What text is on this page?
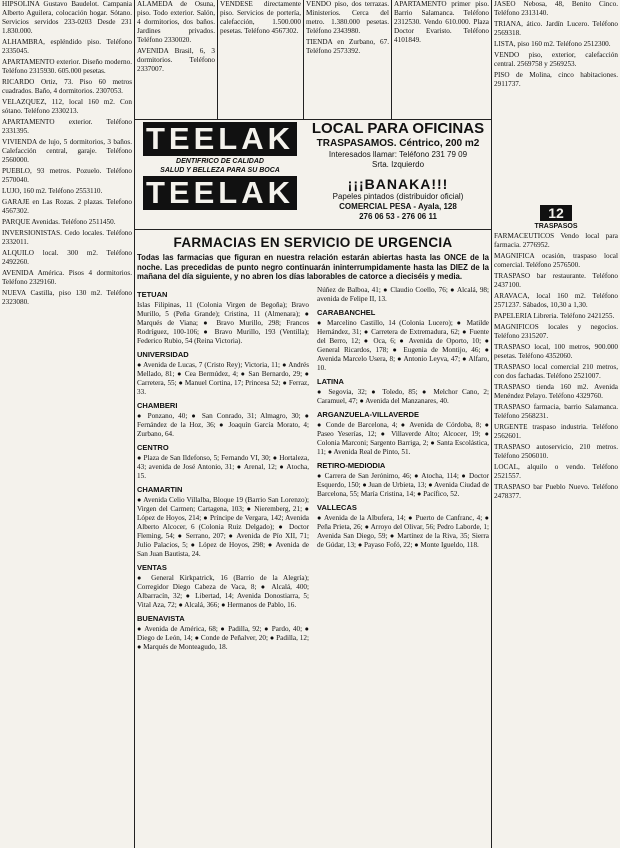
HIPSOLINA Gustavo Baudelot. Campania Alberto Aguilera, colocación hogar. Sótano. Servicios servidos 233-0203 Desde 231 1.830.000.

ALHAMBRA, espléndido piso. Teléfono 2335045.

APARTAMENTO exterior. Diseño moderno. Teléfono 2315930. 605.000 pesetas.

RICARDO Ortiz, 73. Piso 60 metros cuadrados. Baño, 4 dormitorios. 2307053.

VELAZQUEZ, 112, local 160 m2. Con sótano. Teléfono 2330213.

APARTAMENTO exterior. Teléfono 2331395.

VIVIENDA de lujo, 5 dormitorios, 3 baños. Calefacción central, garaje. Teléfono 2560000.

PUEBLO, 93 metros. Pozuelo. Teléfono 2570040.

LUJO, 160 m2. Teléfono 2553110.

GARAJE en Las Rozas. 2 plazas. Telefono 4567302.

PARQUE Avenidas. Teléfono 2511450.

INVERSIONISTAS. Cedo locales. Teléfono 2332011.

ALQUILO local. 300 m2. Teléfono 2492260.

AVENIDA América. Pisos 4 dormitorios. Teléfono 2329160.

NUEVA Castilla, piso 130 m2. Teléfono 2323080.

ALAMEDA de Osuna, piso. Todo exterior. Salón, 4 dormitorios, dos baños. Jardines privados. Teléfono 2330020.

AVENIDA Brasil, 6, 3 dormitorios. Teléfono 2337007.

VENDESE directamente piso. Servicios de portería, calefacción, 1.500.000 pesetas. Teléfono 4567302.

VENDO piso, dos terrazas. Ministerios. Cerca del metro. 1.380.000 pesetas. Teléfono 2343980.

TIENDA en Zurbano, 67. Teléfono 2573392.

APARTAMENTO primer piso. Barrio Salamanca. Teléfono 2312530. Vendo 610.000. Plaza Doctor Evaristo. Teléfono 4101849.

TEELAK
DENTIFRICO DE CALIDAD
SALUD Y BELLEZA PARA SU BOCA
TEELAK
LOCAL PARA OFICINAS
TRASPASAMOS. Céntrico, 200 m2
Interesados llamar: Teléfono 231 79 09
Srta. Izquierdo
¡¡¡BANAKA!!!
Papeles pintados (distribuidor oficial)
COMERCIAL PESA - Ayala, 128
276 06 53 - 276 06 11
FARMACIAS EN SERVICIO DE URGENCIA
Todas las farmacias que figuran en nuestra relación estarán abiertas hasta las ONCE de la noche. Las precedidas de punto negro continuarán ininterrumpidamente hasta las DIEZ de la mañana del día siguiente, y no abren los días laborables de catorce a dieciséis y media.
TETUAN

Islas Filipinas, 11 (Colonia Virgen de Begoña); Bravo Murillo, 5 (Peña Grande); Cristina, 11 (Almenara); ● Marqués de Viana; ● Bravo Murillo, 298; Francos Rodríguez, 100-106; ● Bravo Murillo, 193 (Ventilla); Federico Rubio, 54 (Reina Victoria).

UNIVERSIDAD

● Avenida de Lucas, 7 (Cristo Rey); Victoria, 11; ● Andrés Mellado, 81; ● Cea Bermúdez, 4; ● San Bernardo, 29; ● Carretera, 55; ● Manuel Cortina, 17; Princesa 52; ● Ferraz, 33.

CHAMBERI

● Ponzano, 40; ● San Conrado, 31; Almagro, 30; ● Fernández de la Hoz, 36; ● Joaquín García Morato, 4; Zurbano, 64.

CENTRO

● Plaza de San Ildefonso, 5; Fernando VI, 30; ● Hortaleza, 43; avenida de José Antonio, 31; ● Arenal, 12; ● Atocha, 15.

CHAMARTIN

● Avenida Celio Villalba, Bloque 19 (Barrio San Lorenzo); Virgen del Carmen; Cartagena, 103; ● Nieremberg, 21; ● López de Hoyos, 214; ● Príncipe de Vergara, 142; Avenida Alberto Alcocer, 6 (Colonia Ruiz Delgado); ● Doctor Fleming, 54; ● Serrano, 207; ● Avenida de Pío XII, 71; Julio Palacios, 5; ● López de Hoyos, 298; ● Avenida de San Juan Bautista, 24.

VENTAS

● General Kirkpatrick, 16 (Barrio de la Alegría); Corregidor Diego Cabeza de Vaca, 8; ● Alcalá, 400; Albarracín, 32; ● Libertad, 14; Avenida Donostiarra, 5; Vital Aza, 72; ● Alcalá, 366; ● Hermanos de Pablo, 16.

BUENAVISTA

● Avenida de América, 68; ● Padilla, 92; ● Pardo, 40; ● Diego de León, 14; ● Conde de Peñalver, 20; ● Padilla, 12; ● Marqués de Monteagudo, 18.

Núñez de Balboa, 41; ● Claudio Coello, 76; ● Alcalá, 98; avenida de Felipe II, 13.

CARABANCHEL

● Marcelino Castillo, 14 (Colonia Lucero); ● Matilde Hernández, 31; ● Carretera de Extremadura, 62; ● Fuente del Berro, 12; ● Oca, 6; ● Avenida de Oporto, 10; ● General Ricardos, 178; ● Eugenia de Montijo, 46; ● Avenida Marcelo Usera, 8; ● Antonio Leyva, 47; ● Alfaro, 10.

LATINA

● Segovia, 32; ● Toledo, 85; ● Melchor Cano, 2; Caramuel, 47; ● Avenida del Manzanares, 40.

ARGANZUELA-VILLAVERDE

● Conde de Barcelona, 4; ● Avenida de Córdoba, 8; ● Paseo Yeserías, 12; ● Villaverde Alto; Alcocer, 19; ● Colonia Marconi; Sargento Barriga, 2; ● Santa Escolástica, 11; ● Avenida Real de Pinto, 51.

RETIRO-MEDIODIA

● Carrera de San Jerónimo, 46; ● Atocha, 114; ● Doctor Esquerdo, 150; ● Juan de Urbieta, 13; ● Avenida Ciudad de Barcelona, 55; María Cristina, 14; ● Pacífico, 52.

VALLECAS

● Avenida de la Albufera, 14; ● Puerto de Canfranc, 4; ● Peña Prieta, 26; ● Arroyo del Olivar, 56; Pedro Laborde, 1; Avenida San Diego, 59; ● Martínez de la Riva, 35; Sierra de Gúdar, 13; ● Payaso Fofó, 22; ● Monte Igueldo, 118.

JASEO Nebosa, 48, Benito Cinco. Teléfono 2313140.

TRIANA, ático. Jardín Lucero. Teléfono 2569318.

LISTA, piso 160 m2. Teléfono 2512300.

VENDO piso, exterior, calefacción central. 2569758 y 2569253.

PISO de Molina, cinco habitaciones. 2911737.

12
TRASPASOS

FARMACEUTICOS Vendo local para farmacia. 2776952.

MAGNIFICA ocasión, traspaso local comercial. Teléfono 2576500.

TRASPASO bar restaurante. Teléfono 2437100.

ARAVACA, local 160 m2. Teléfono 2571237. Sábados, 10,30 a 1,30.

PAPELERIA Libreria. Teléfono 2421255.

MAGNIFICOS locales y negocios. Teléfono 2315207.

TRASPASO local, 100 metros, 900.000 pesetas. Teléfono 4352060.

TRASPASO local comercial 210 metros, con dos fachadas. Teléfono 2521007.

TRASPASO tienda 160 m2. Avenida Menéndez Pelayo. Teléfono 4329760.

TRASPASO farmacia, barrio Salamanca. Teléfono 2568231.

URGENTE traspaso industria. Teléfono 2562601.

TRASPASO autoservicio, 210 metros. Teléfono 2506010.

LOCAL, alquilo o vendo. Teléfono 2521557.

TRASPASO bar Pueblo Nuevo. Teléfono 2478377.
